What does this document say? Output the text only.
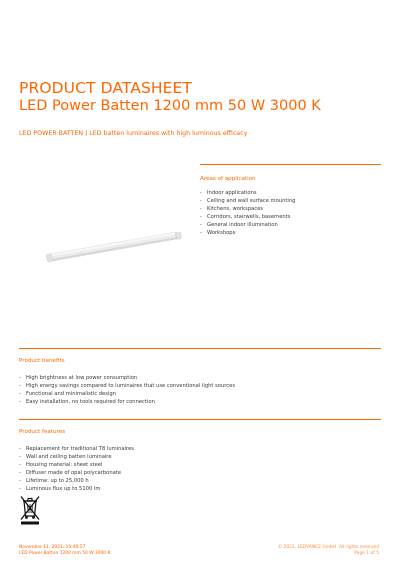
PRODUCT DATASHEET
LED Power Batten 1200 mm 50 W 3000 K
LED POWER BATTEN | LED batten luminaires with high luminous efficacy
Areas of application
- Indoor applications
- Ceiling and wall surface mounting
- Kitchens, workspaces
- Corridors, stairwells, basements
- General indoor illumination
- Workshops
Product benefits
- High brightness at low power consumption
- High energy savings compared to luminaires that use conventional light sources
- Functional and minimalistic design
- Easy installation, no tools required for connection
Product features
- Replacement for traditional T8 luminaires
- Wall and ceiling batten luminaire
- Housing material: sheet steel
- Diffuser made of opal polycarbonate
- Lifetime: up to 25,000 h
- Luminous flux up to 5100 lm
November 11, 2021, 15:46:57
LED Power Batten 1200 mm 50 W 3000 K
© 2021, LEDVANCE GmbH. All rights reserved
Page 1 of 5
